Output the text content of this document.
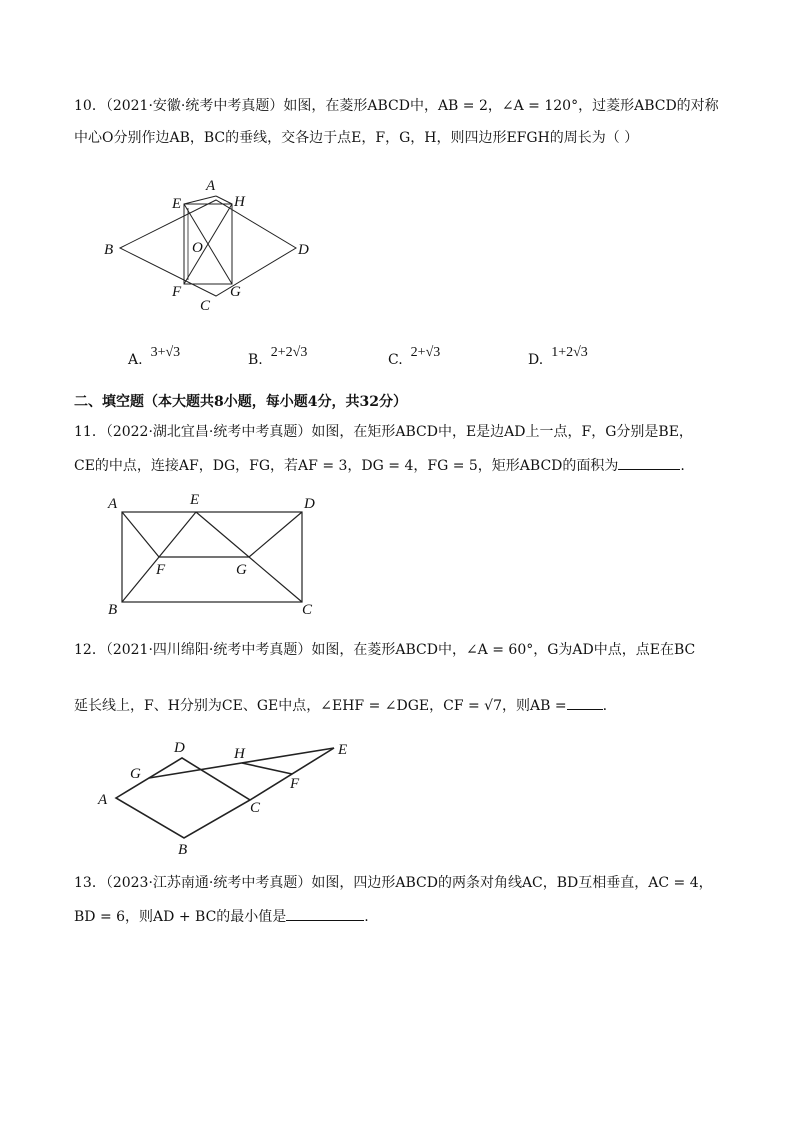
10．（2021·安徽·统考中考真题）如图，在菱形ABCD中，AB = 2，∠A = 120°，过菱形ABCD的对称
中心O分别作边AB，BC的垂线，交各边于点E，F，G，H，则四边形EFGH的周长为（ ）
A
E	H
B	O	D
F	G
C
A. 3+√3	B. 2+2√3	C. 2+√3	D. 1+2√3
二、填空题（本大题共8小题，每小题4分，共32分）
11．（2022·湖北宜昌·统考中考真题）如图，在矩形ABCD中，E是边AD上一点，F，G分别是BE，
CE的中点，连接AF，DG，FG，若AF = 3，DG = 4，FG = 5，矩形ABCD的面积为	.
A	E	D
F	G
B	C
12．（2021·四川绵阳·统考中考真题）如图，在菱形ABCD中，∠A = 60°，G为AD中点，点E在BC
延长线上，F、H分别为CE、GE中点，∠EHF = ∠DGE，CF = √7，则AB =	.
A
G
D	H	E
F
C
B
13．（2023·江苏南通·统考中考真题）如图，四边形ABCD的两条对角线AC，BD互相垂直，AC = 4，
BD = 6，则AD + BC的最小值是	.
